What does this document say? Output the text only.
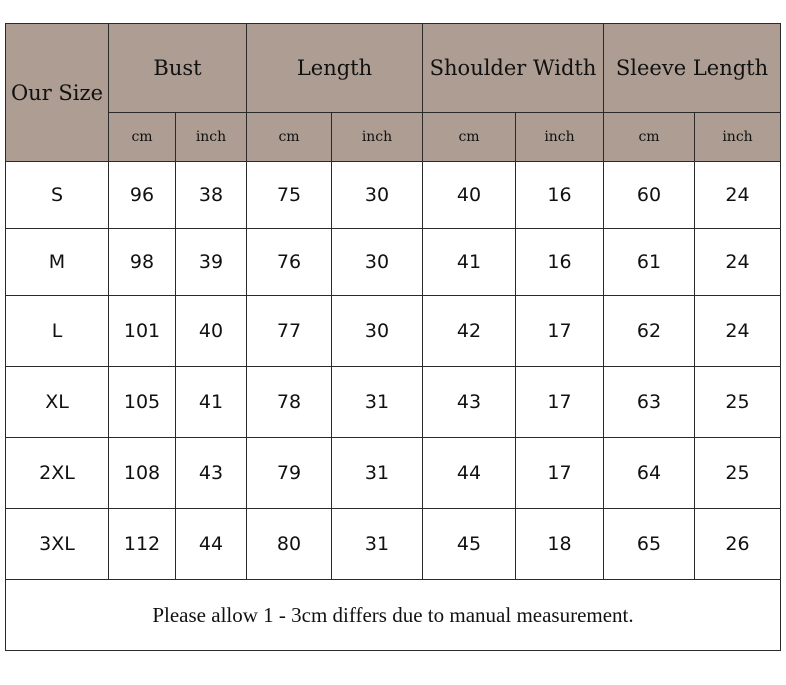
Our Size	Bust		Length		Shoulder Width		Sleeve Length	
	cm	inch	cm	inch	cm	inch	cm	inch
S	96	38	75	30	40	16	60	24
M	98	39	76	30	41	16	61	24
L	101	40	77	30	42	17	62	24
XL	105	41	78	31	43	17	63	25
2XL	108	43	79	31	44	17	64	25
3XL	112	44	80	31	45	18	65	26
Please allow 1 - 3cm differs due to manual measurement.								
